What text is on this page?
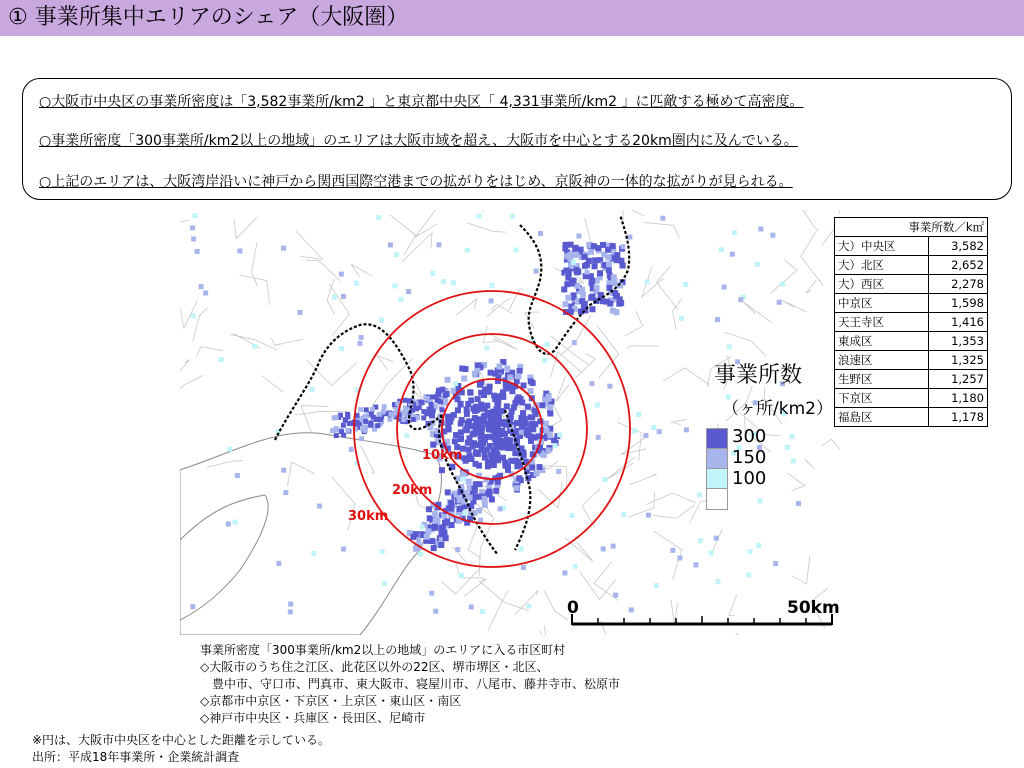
① 事業所集中エリアのシェア（大阪圏）
○大阪市中央区の事業所密度は「3,582事業所/km2 」と東京都中央区「 4,331事業所/km2 」に匹敵する極めて高密度。
○事業所密度「300事業所/km2以上の地域」のエリアは大阪市域を超え、大阪市を中心とする20km圏内に及んでいる。
○上記のエリアは、大阪湾岸沿いに神戸から関西国際空港までの拡がりをはじめ、京阪神の一体的な拡がりが見られる。
10km
20km
30km
事業所数
（ヶ所/km2）
300
150
100
0	50km
事業所数／k㎡	
大）中央区	3,582
大）北区	2,652
大）西区	2,278
中京区	1,598
天王寺区	1,416
東成区	1,353
浪速区	1,325
生野区	1,257
下京区	1,180
福島区	1,178
事業所密度「300事業所/km2以上の地域」のエリアに入る市区町村
◇大阪市のうち住之江区、此花区以外の22区、堺市堺区・北区、
　豊中市、守口市、門真市、東大阪市、寝屋川市、八尾市、藤井寺市、松原市
◇京都市中京区・下京区・上京区・東山区・南区
◇神戸市中央区・兵庫区・長田区、尼崎市
※円は、大阪市中央区を中心とした距離を示している。
出所：平成18年事業所・企業統計調査
